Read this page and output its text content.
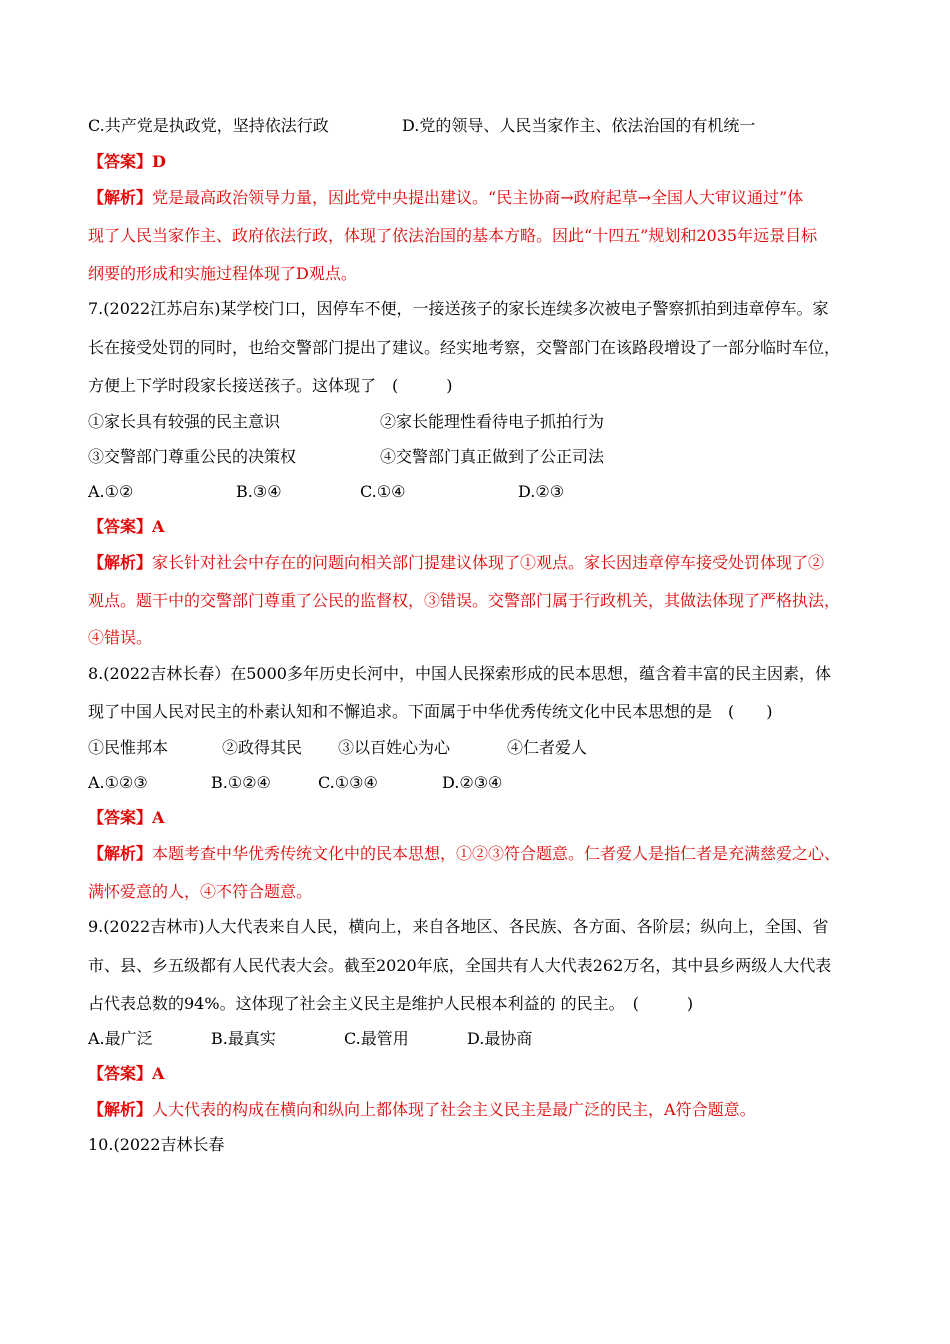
C.共产党是执政党，坚持依法行政	D.党的领导、人民当家作主、依法治国的有机统一
【答案】D
【解析】党是最高政治领导力量，因此党中央提出建议。“民主协商→政府起草→全国人大审议通过”体
现了人民当家作主、政府依法行政，体现了依法治国的基本方略。因此“十四五”规划和2035年远景目标
纲要的形成和实施过程体现了D观点。
7.(2022江苏启东)某学校门口，因停车不便，一接送孩子的家长连续多次被电子警察抓拍到违章停车。家
长在接受处罚的同时，也给交警部门提出了建议。经实地考察，交警部门在该路段增设了一部分临时车位，
方便上下学时段家长接送孩子。这体现了　(　　　)
①家长具有较强的民主意识	②家长能理性看待电子抓拍行为
③交警部门尊重公民的决策权	④交警部门真正做到了公正司法
A.①②	B.③④	C.①④	D.②③
【答案】A
【解析】家长针对社会中存在的问题向相关部门提建议体现了①观点。家长因违章停车接受处罚体现了②
观点。题干中的交警部门尊重了公民的监督权，③错误。交警部门属于行政机关，其做法体现了严格执法，
④错误。
8.(2022吉林长春）在5000多年历史长河中，中国人民探索形成的民本思想，蕴含着丰富的民主因素，体
现了中国人民对民主的朴素认知和不懈追求。下面属于中华优秀传统文化中民本思想的是　(　　)
①民惟邦本	②政得其民 ③以百姓心为心	④仁者爱人
A.①②③	B.①②④	C.①③④	D.②③④
【答案】A
【解析】本题考查中华优秀传统文化中的民本思想，①②③符合题意。仁者爱人是指仁者是充满慈爱之心、
满怀爱意的人，④不符合题意。
9.(2022吉林市)人大代表来自人民，横向上，来自各地区、各民族、各方面、各阶层；纵向上，全国、省
市、县、乡五级都有人民代表大会。截至2020年底，全国共有人大代表262万名，其中县乡两级人大代表
占代表总数的94%。这体现了社会主义民主是维护人民根本利益的 的民主。　(　　　)
A.最广泛	B.最真实	C.最管用	D.最协商
【答案】A
【解析】人大代表的构成在横向和纵向上都体现了社会主义民主是最广泛的民主，A符合题意。
10.(2022吉林长春
